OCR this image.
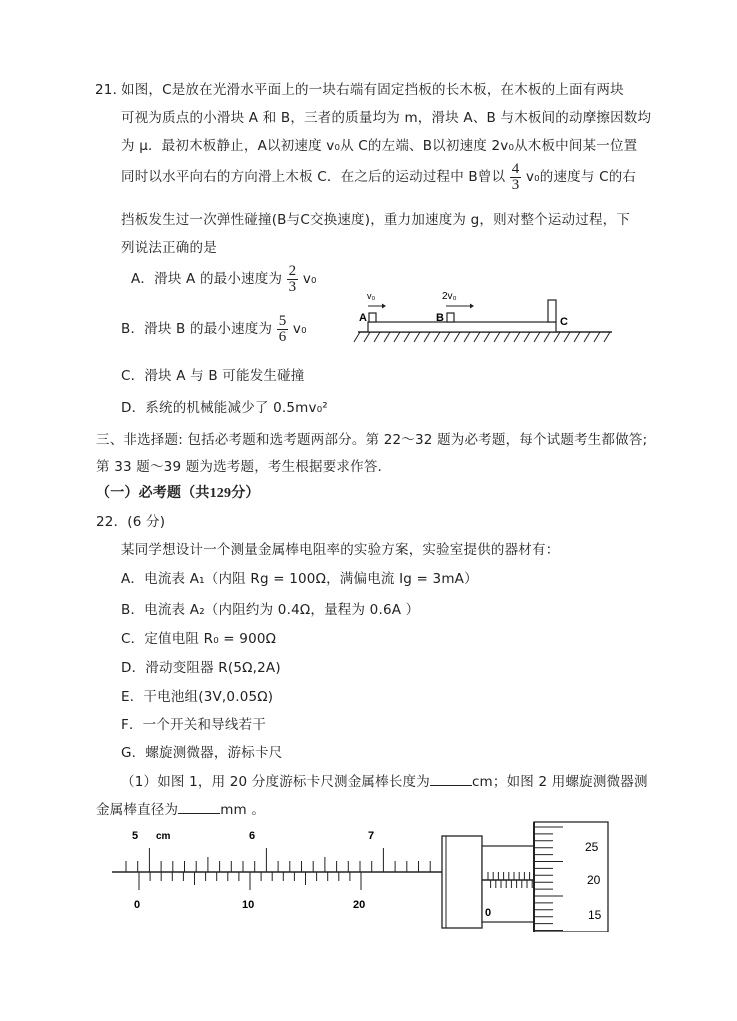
21．
如图，C是放在光滑水平面上的一块右端有固定挡板的长木板，在木板的上面有两块
可视为质点的小滑块 A 和 B，三者的质量均为 m，滑块 A、B 与木板间的动摩擦因数均
为 μ．最初木板静止，A以初速度 v₀从 C的左端、B以初速度 2v₀从木板中间某一位置
同时以水平向右的方向滑上木板 C．在之后的运动过程中 B曾以 $\frac{4}{3} v_0$的速度与 C的右
挡板发生过一次弹性碰撞(B与C交换速度)，重力加速度为 g，则对整个运动过程，下
列说法正确的是
A．滑块 A 的最小速度为 $\frac{2}{3} v_0$
B．滑块 B 的最小速度为 $\frac{5}{6} v_0$
C．滑块 A 与 B 可能发生碰撞
D．系统的机械能减少了 0.5mv₀²
v₀	2v₀
A	B	C
三、非选择题: 包括必考题和选考题两部分。第 22～32 题为必考题，每个试题考生都做答;
第 33 题～39 题为选考题，考生根据要求作答.
（一）必考题（共129分）
22．(6 分)
某同学想设计一个测量金属棒电阻率的实验方案，实验室提供的器材有：
A．电流表 A₁（内阻 Rg = 100Ω，满偏电流 Ig = 3mA）
B．电流表 A₂（内阻约为 0.4Ω，量程为 0.6A ）
C．定值电阻 R₀ = 900Ω
D．滑动变阻器 R(5Ω,2A)
E．干电池组(3V,0.05Ω)
F．一个开关和导线若干
G．螺旋测微器，游标卡尺
（1）如图 1，用 20 分度游标卡尺测金属棒长度为	cm；如图 2 用螺旋测微器测
金属棒直径为	mm 。
5 cm	6	7
0	10	20
0
25
20
15
